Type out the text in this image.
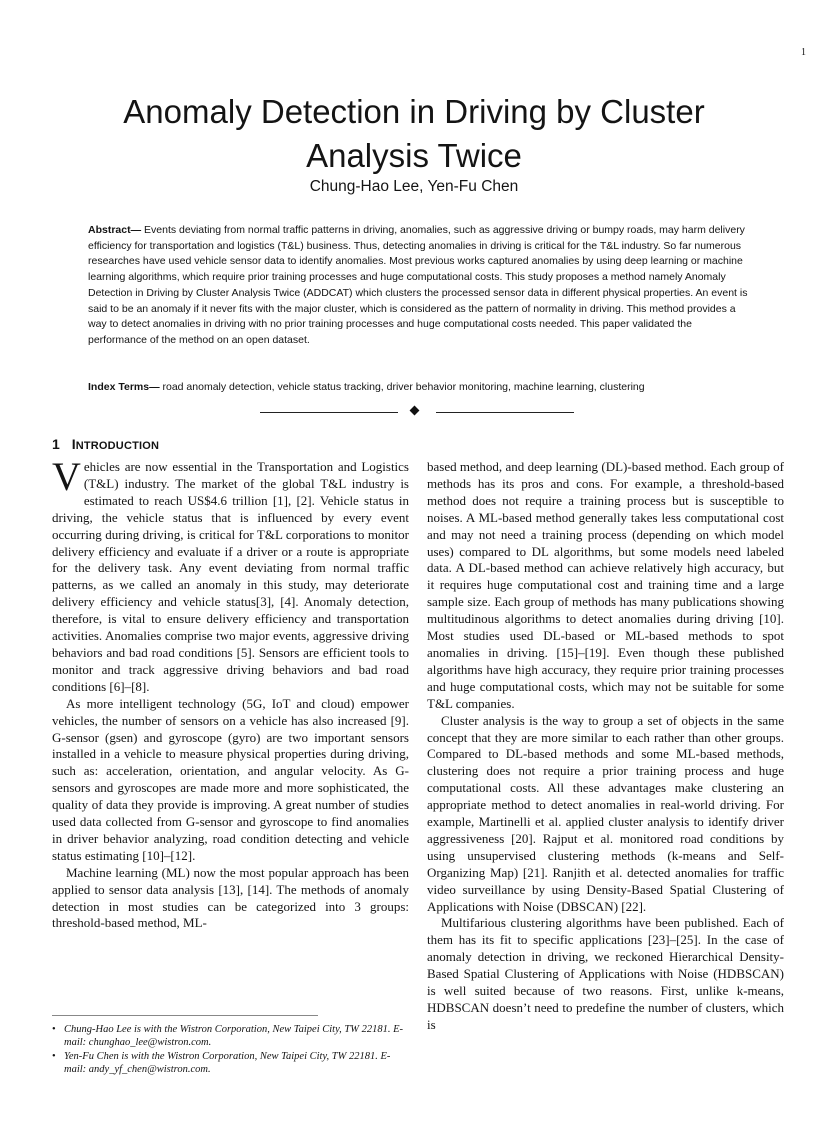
1
Anomaly Detection in Driving by Cluster Analysis Twice

Chung-Hao Lee, Yen-Fu Chen

Abstract— Events deviating from normal traffic patterns in driving, anomalies, such as aggressive driving or bumpy roads, may harm delivery efficiency for transportation and logistics (T&L) business. Thus, detecting anomalies in driving is critical for the T&L industry. So far numerous researches have used vehicle sensor data to identify anomalies. Most previous works captured anomalies by using deep learning or machine learning algorithms, which require prior training processes and huge computational costs. This study proposes a method namely Anomaly Detection in Driving by Cluster Analysis Twice (ADDCAT) which clusters the processed sensor data in different physical properties. An event is said to be an anomaly if it never fits with the major cluster, which is considered as the pattern of normality in driving. This method provides a way to detect anomalies in driving with no prior training processes and huge computational costs needed. This paper validated the performance of the method on an open dataset.

Index Terms— road anomaly detection, vehicle status tracking, driver behavior monitoring, machine learning, clustering

1 INTRODUCTION

Vehicles are now essential in the Transportation and Logistics (T&L) industry. The market of the global T&L industry is estimated to reach US$4.6 trillion [1], [2]. Vehicle status in driving, the vehicle status that is influenced by every event occurring during driving, is critical for T&L corporations to monitor delivery efficiency and evaluate if a driver or a route is appropriate for the delivery task. Any event deviating from normal traffic patterns, as we called an anomaly in this study, may deteriorate delivery efficiency and vehicle status[3], [4]. Anomaly detection, therefore, is vital to ensure delivery efficiency and transportation activities. Anomalies comprise two major events, aggressive driving behaviors and bad road conditions [5]. Sensors are efficient tools to monitor and track aggressive driving behaviors and bad road conditions [6]–[8].

As more intelligent technology (5G, IoT and cloud) empower vehicles, the number of sensors on a vehicle has also increased [9]. G-sensor (gsen) and gyroscope (gyro) are two important sensors installed in a vehicle to measure physical properties during driving, such as: acceleration, orientation, and angular velocity. As G-sensors and gyroscopes are made more and more sophisticated, the quality of data they provide is improving. A great number of studies used data collected from G-sensor and gyroscope to find anomalies in driver behavior analyzing, road condition detecting and vehicle status estimating [10]–[12].

Machine learning (ML) now the most popular approach has been applied to sensor data analysis [13], [14]. The methods of anomaly detection in most studies can be categorized into 3 groups: threshold-based method, ML-

• Chung-Hao Lee is with the Wistron Corporation, New Taipei City, TW 22181. E-mail: chunghao_lee@wistron.com.
• Yen-Fu Chen is with the Wistron Corporation, New Taipei City, TW 22181. E-mail: andy_yf_chen@wistron.com.

based method, and deep learning (DL)-based method. Each group of methods has its pros and cons. For example, a threshold-based method does not require a training process but is susceptible to noises. A ML-based method generally takes less computational cost and may not need a training process (depending on which model uses) compared to DL algorithms, but some models need labeled data. A DL-based method can achieve relatively high accuracy, but it requires huge computational cost and training time and a large sample size. Each group of methods has many publications showing multitudinous algorithms to detect anomalies during driving [10]. Most studies used DL-based or ML-based methods to spot anomalies in driving. [15]–[19]. Even though these published algorithms have high accuracy, they require prior training processes and huge computational costs, which may not be suitable for some T&L companies.

Cluster analysis is the way to group a set of objects in the same concept that they are more similar to each rather than other groups. Compared to DL-based methods and some ML-based methods, clustering does not require a prior training process and huge computational costs. All these advantages make clustering an appropriate method to detect anomalies in real-world driving. For example, Martinelli et al. applied cluster analysis to identify driver aggressiveness [20]. Rajput et al. monitored road conditions by using unsupervised clustering methods (k-means and Self-Organizing Map) [21]. Ranjith et al. detected anomalies for traffic video surveillance by using Density-Based Spatial Clustering of Applications with Noise (DBSCAN) [22].

Multifarious clustering algorithms have been published. Each of them has its fit to specific applications [23]–[25]. In the case of anomaly detection in driving, we reckoned Hierarchical Density-Based Spatial Clustering of Applications with Noise (HDBSCAN) is well suited because of two reasons. First, unlike k-means, HDBSCAN doesn’t need to predefine the number of clusters, which is
